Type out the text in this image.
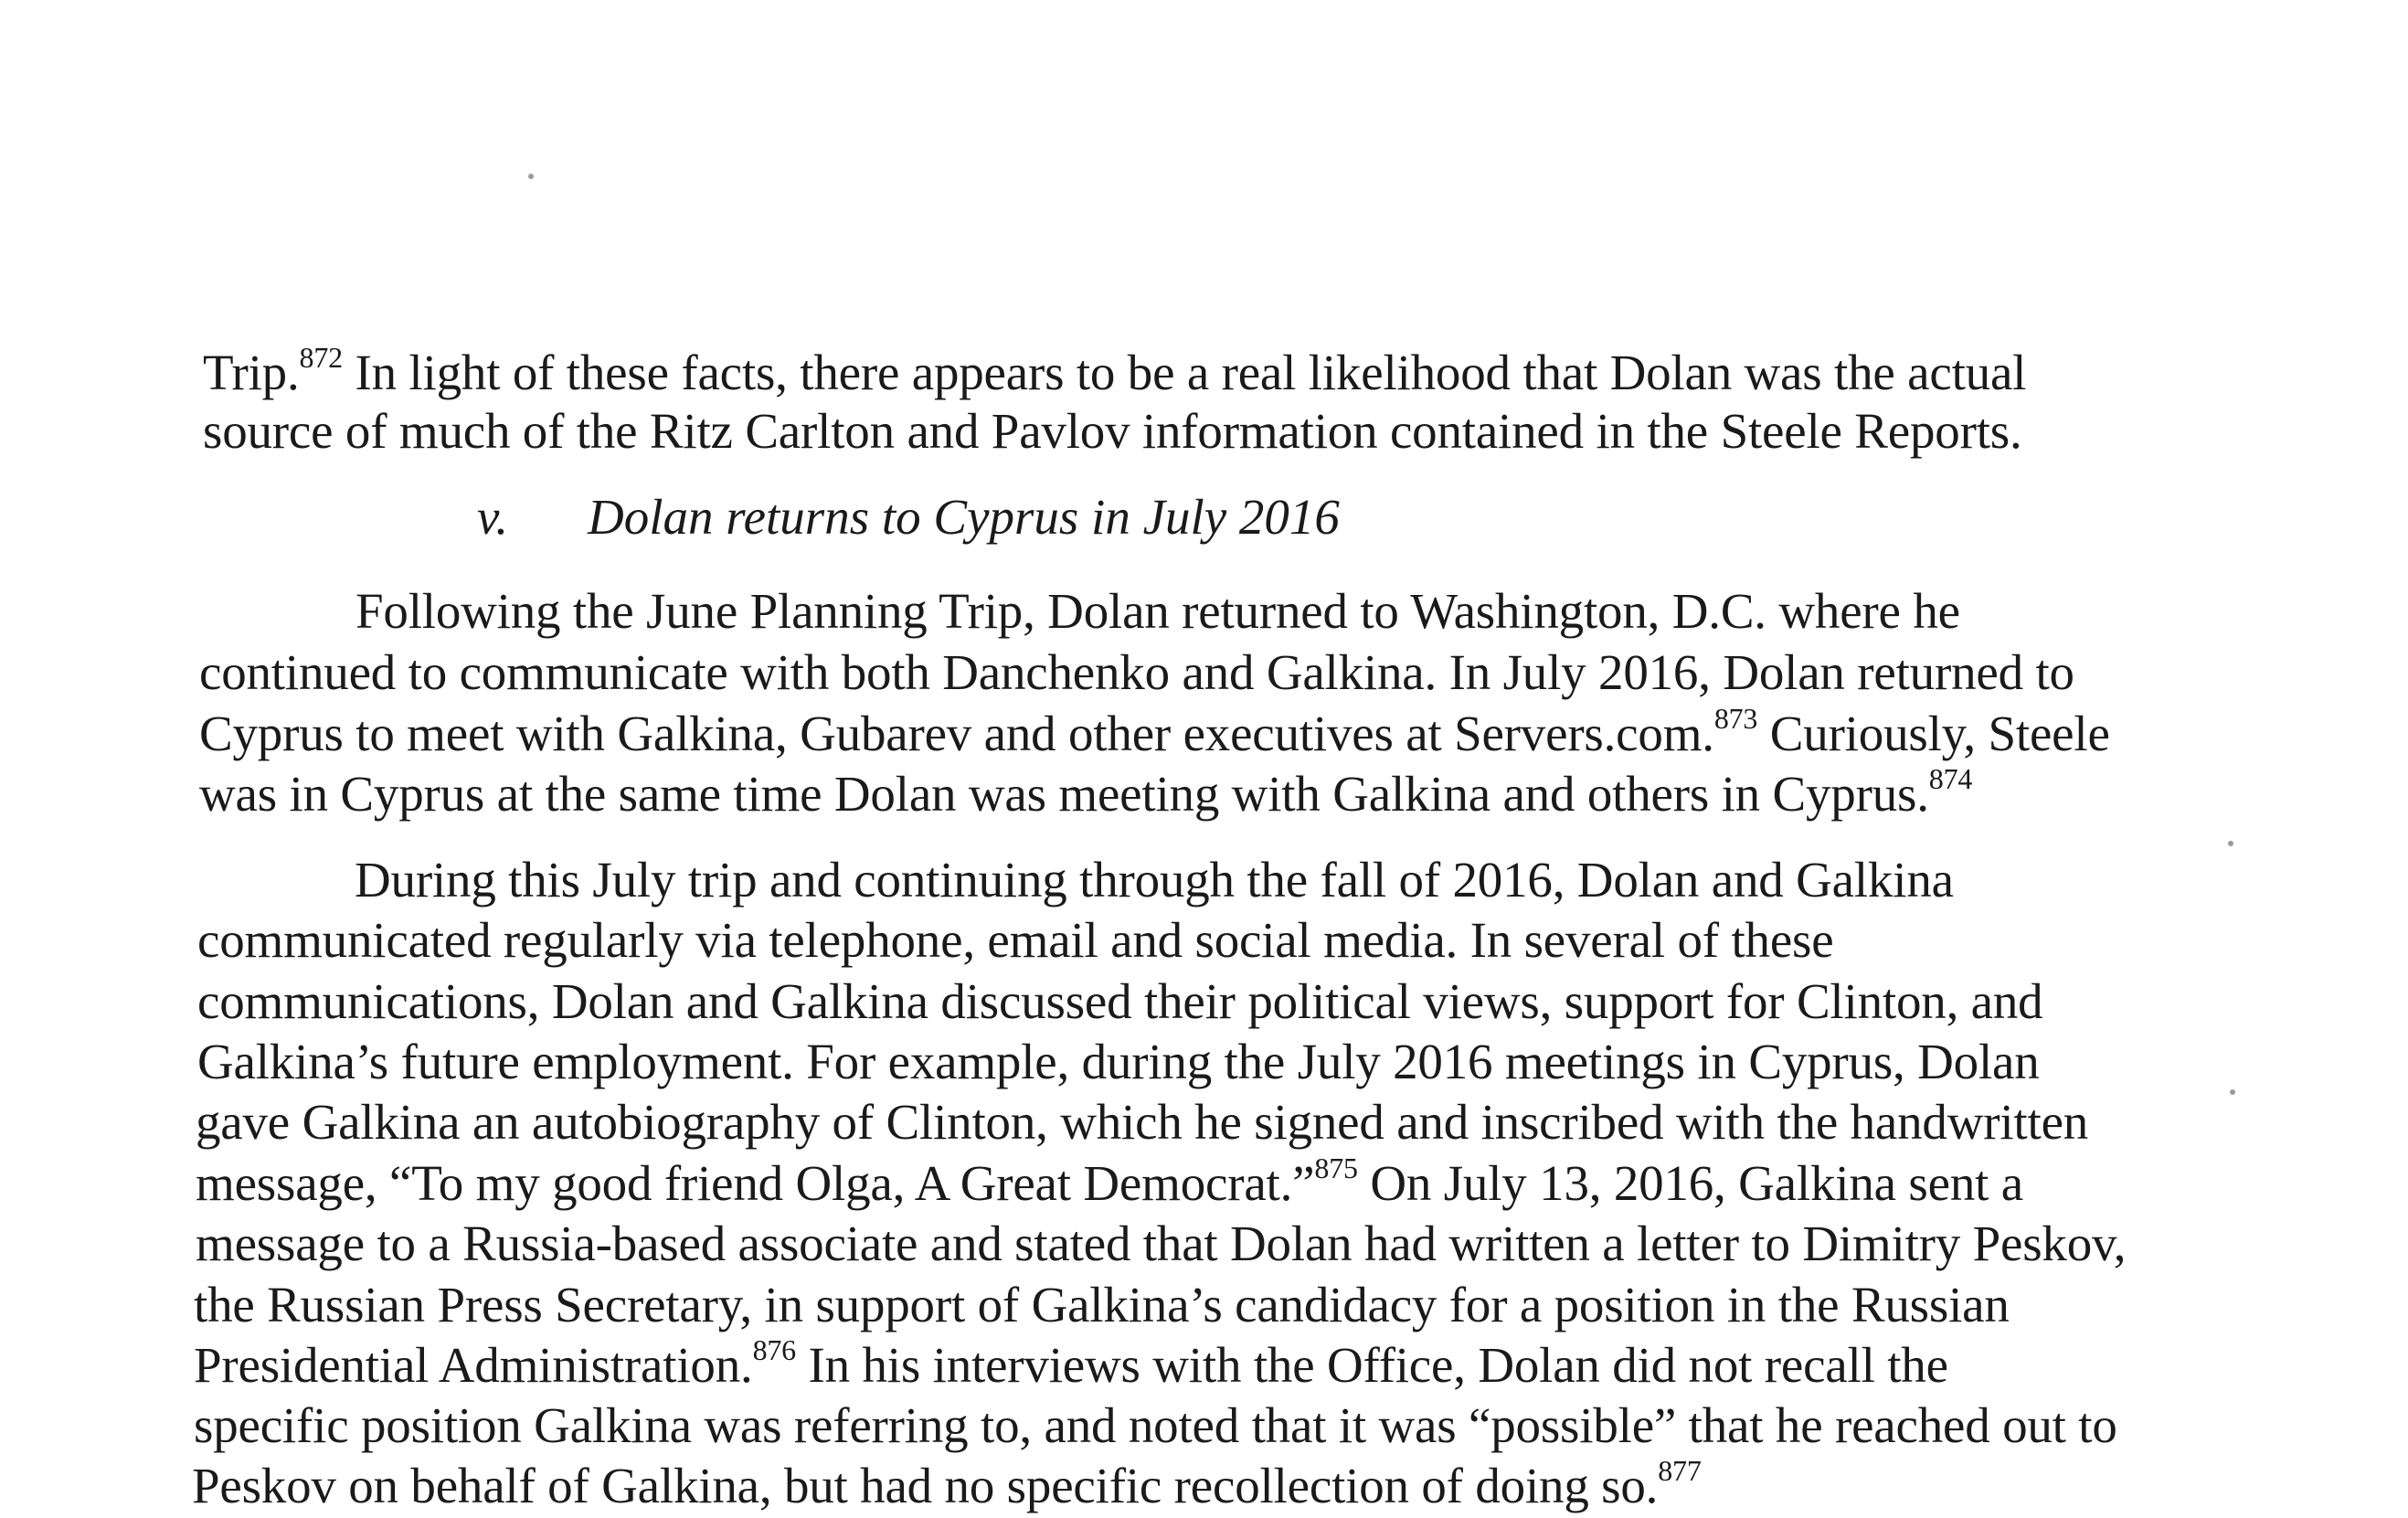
Trip.$^{872}$ In light of these facts, there appears to be a real likelihood that Dolan was the actual
source of much of the Ritz Carlton and Pavlov information contained in the Steele Reports.
v. Dolan returns to Cyprus in July 2016
Following the June Planning Trip, Dolan returned to Washington, D.C. where he
continued to communicate with both Danchenko and Galkina. In July 2016, Dolan returned to
Cyprus to meet with Galkina, Gubarev and other executives at Servers.com.$^{873}$ Curiously, Steele
was in Cyprus at the same time Dolan was meeting with Galkina and others in Cyprus.$^{874}$
During this July trip and continuing through the fall of 2016, Dolan and Galkina
communicated regularly via telephone, email and social media. In several of these
communications, Dolan and Galkina discussed their political views, support for Clinton, and
Galkina’s future employment. For example, during the July 2016 meetings in Cyprus, Dolan
gave Galkina an autobiography of Clinton, which he signed and inscribed with the handwritten
message, “To my good friend Olga, A Great Democrat.”$^{875}$ On July 13, 2016, Galkina sent a
message to a Russia-based associate and stated that Dolan had written a letter to Dimitry Peskov,
the Russian Press Secretary, in support of Galkina’s candidacy for a position in the Russian
Presidential Administration.$^{876}$ In his interviews with the Office, Dolan did not recall the
specific position Galkina was referring to, and noted that it was “possible” that he reached out to
Peskov on behalf of Galkina, but had no specific recollection of doing so.$^{877}$
